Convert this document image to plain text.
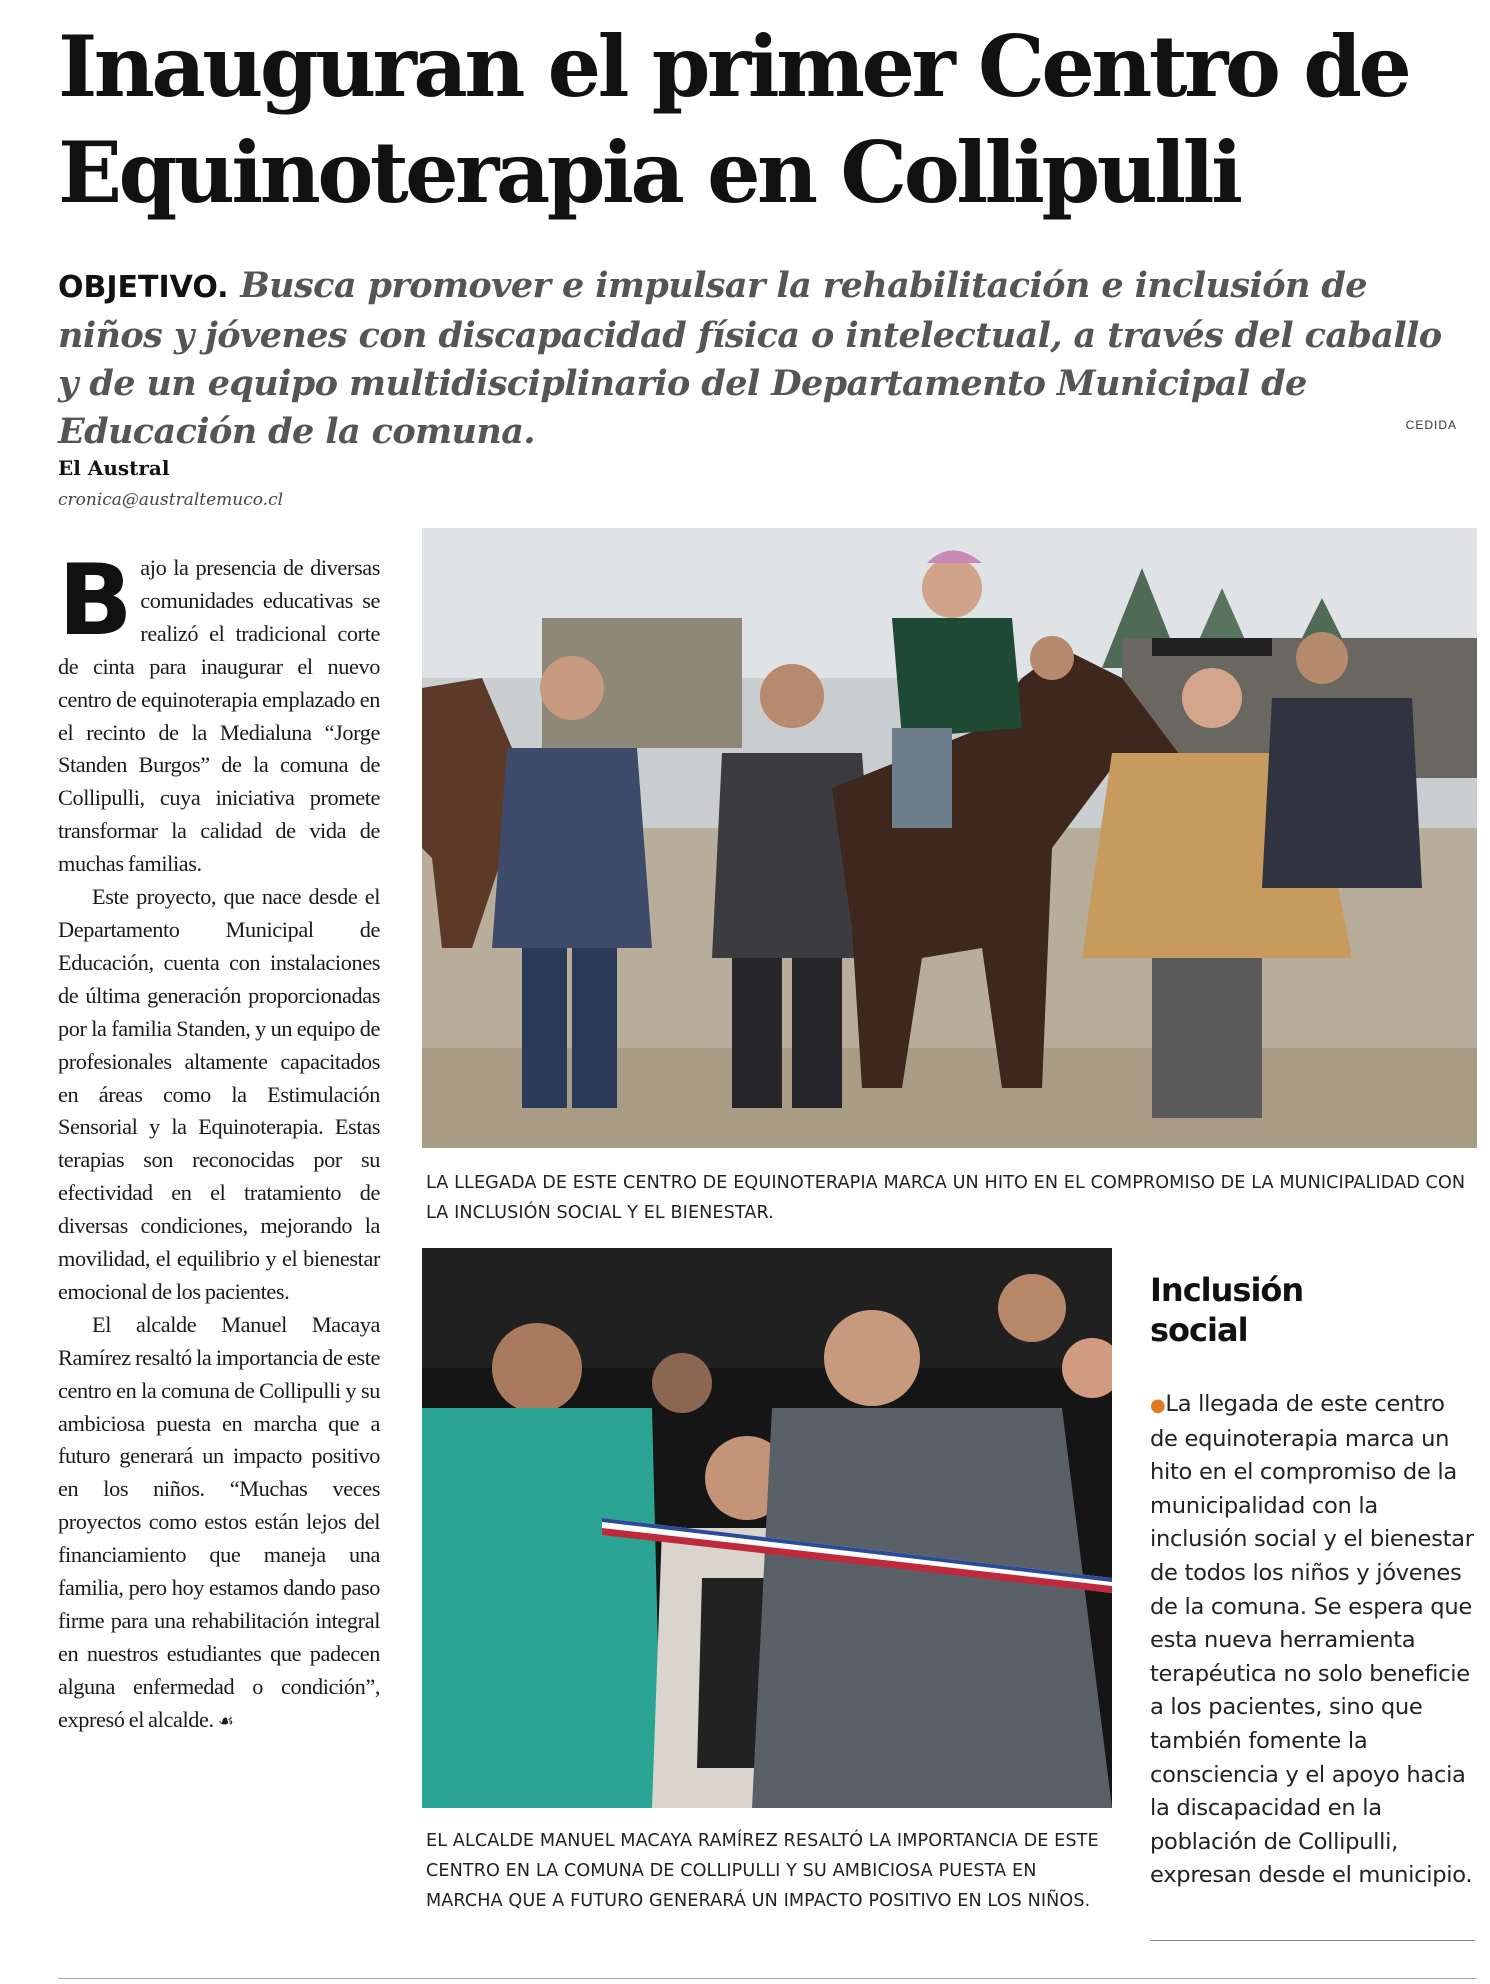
Inauguran el primer Centro de Equinoterapia en Collipulli
OBJETIVO. Busca promover e impulsar la rehabilitación e inclusión de niños y jóvenes con discapacidad física o intelectual, a través del caballo y de un equipo multidisciplinario del Departamento Municipal de Educación de la comuna.	CEDIDA
El Austral
cronica@australtemuco.cl

Bajo la presencia de diversas comunidades educativas se realizó el tradicional corte de cinta para inaugurar el nuevo centro de equinoterapia emplazado en el recinto de la Medialuna “Jorge Standen Burgos” de la comuna de Collipulli, cuya iniciativa promete transformar la calidad de vida de muchas familias.

Este proyecto, que nace desde el Departamento Municipal de Educación, cuenta con instalaciones de última generación proporcionadas por la familia Standen, y un equipo de profesionales altamente capacitados en áreas como la Estimulación Sensorial y la Equinoterapia. Estas terapias son reconocidas por su efectividad en el tratamiento de diversas condiciones, mejorando la movilidad, el equilibrio y el bienestar emocional de los pacientes.

El alcalde Manuel Macaya Ramírez resaltó la importancia de este centro en la comuna de Collipulli y su ambiciosa puesta en marcha que a futuro generará un impacto positivo en los niños. “Muchas veces proyectos como estos están lejos del financiamiento que maneja una familia, pero hoy estamos dando paso firme para una rehabilitación integral en nuestros estudiantes que padecen alguna enfermedad o condición”, expresó el alcalde. ☙

LA LLEGADA DE ESTE CENTRO DE EQUINOTERAPIA MARCA UN HITO EN EL COMPROMISO DE LA MUNICIPALIDAD CON LA INCLUSIÓN SOCIAL Y EL BIENESTAR.
EL ALCALDE MANUEL MACAYA RAMÍREZ RESALTÓ LA IMPORTANCIA DE ESTE CENTRO EN LA COMUNA DE COLLIPULLI Y SU AMBICIOSA PUESTA EN MARCHA QUE A FUTURO GENERARÁ UN IMPACTO POSITIVO EN LOS NIÑOS.
Inclusión
social
●La llegada de este centro de equinoterapia marca un hito en el compromiso de la municipalidad con la inclusión social y el bienestar de todos los niños y jóvenes de la comuna. Se espera que esta nueva herramienta terapéutica no solo beneficie a los pacientes, sino que también fomente la consciencia y el apoyo hacia la discapacidad en la población de Collipulli, expresan desde el municipio.
